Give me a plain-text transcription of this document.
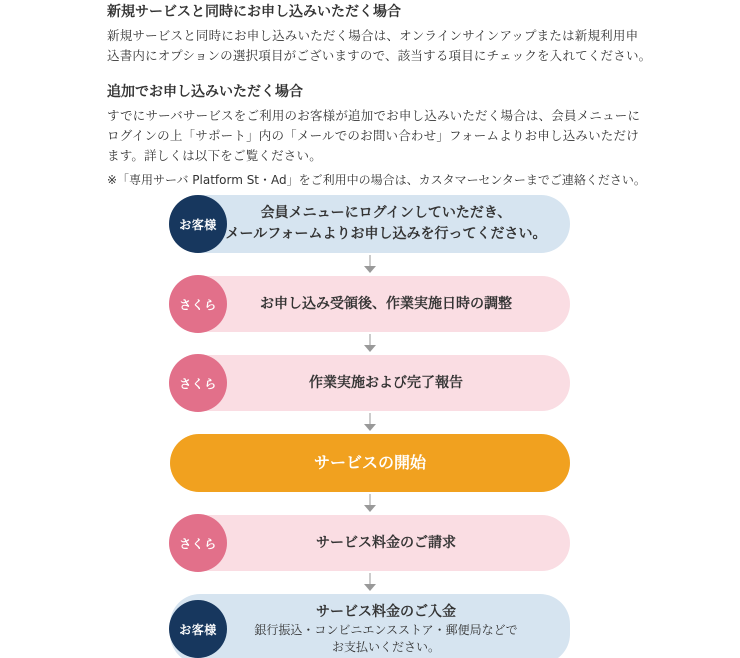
新規サービスと同時にお申し込みいただく場合
新規サービスと同時にお申し込みいただく場合は、オンラインサインアップまたは新規利用申
込書内にオプションの選択項目がございますので、該当する項目にチェックを入れてください。
追加でお申し込みいただく場合
すでにサーバサービスをご利用のお客様が追加でお申し込みいただく場合は、会員メニューに
ログインの上「サポート」内の「メールでのお問い合わせ」フォームよりお申し込みいただけ
ます。詳しくは以下をご覧ください。
※「専用サーバ Platform St・Ad」をご利用中の場合は、カスタマーセンターまでご連絡ください。
お客様
会員メニューにログインしていただき、
メールフォームよりお申し込みを行ってください。
さくら	お申し込み受領後、作業実施日時の調整
さくら	作業実施および完了報告
サービスの開始
さくら	サービス料金のご請求
お客様
サービス料金のご入金
銀行振込・コンビニエンスストア・郵便局などで
お支払いください。
